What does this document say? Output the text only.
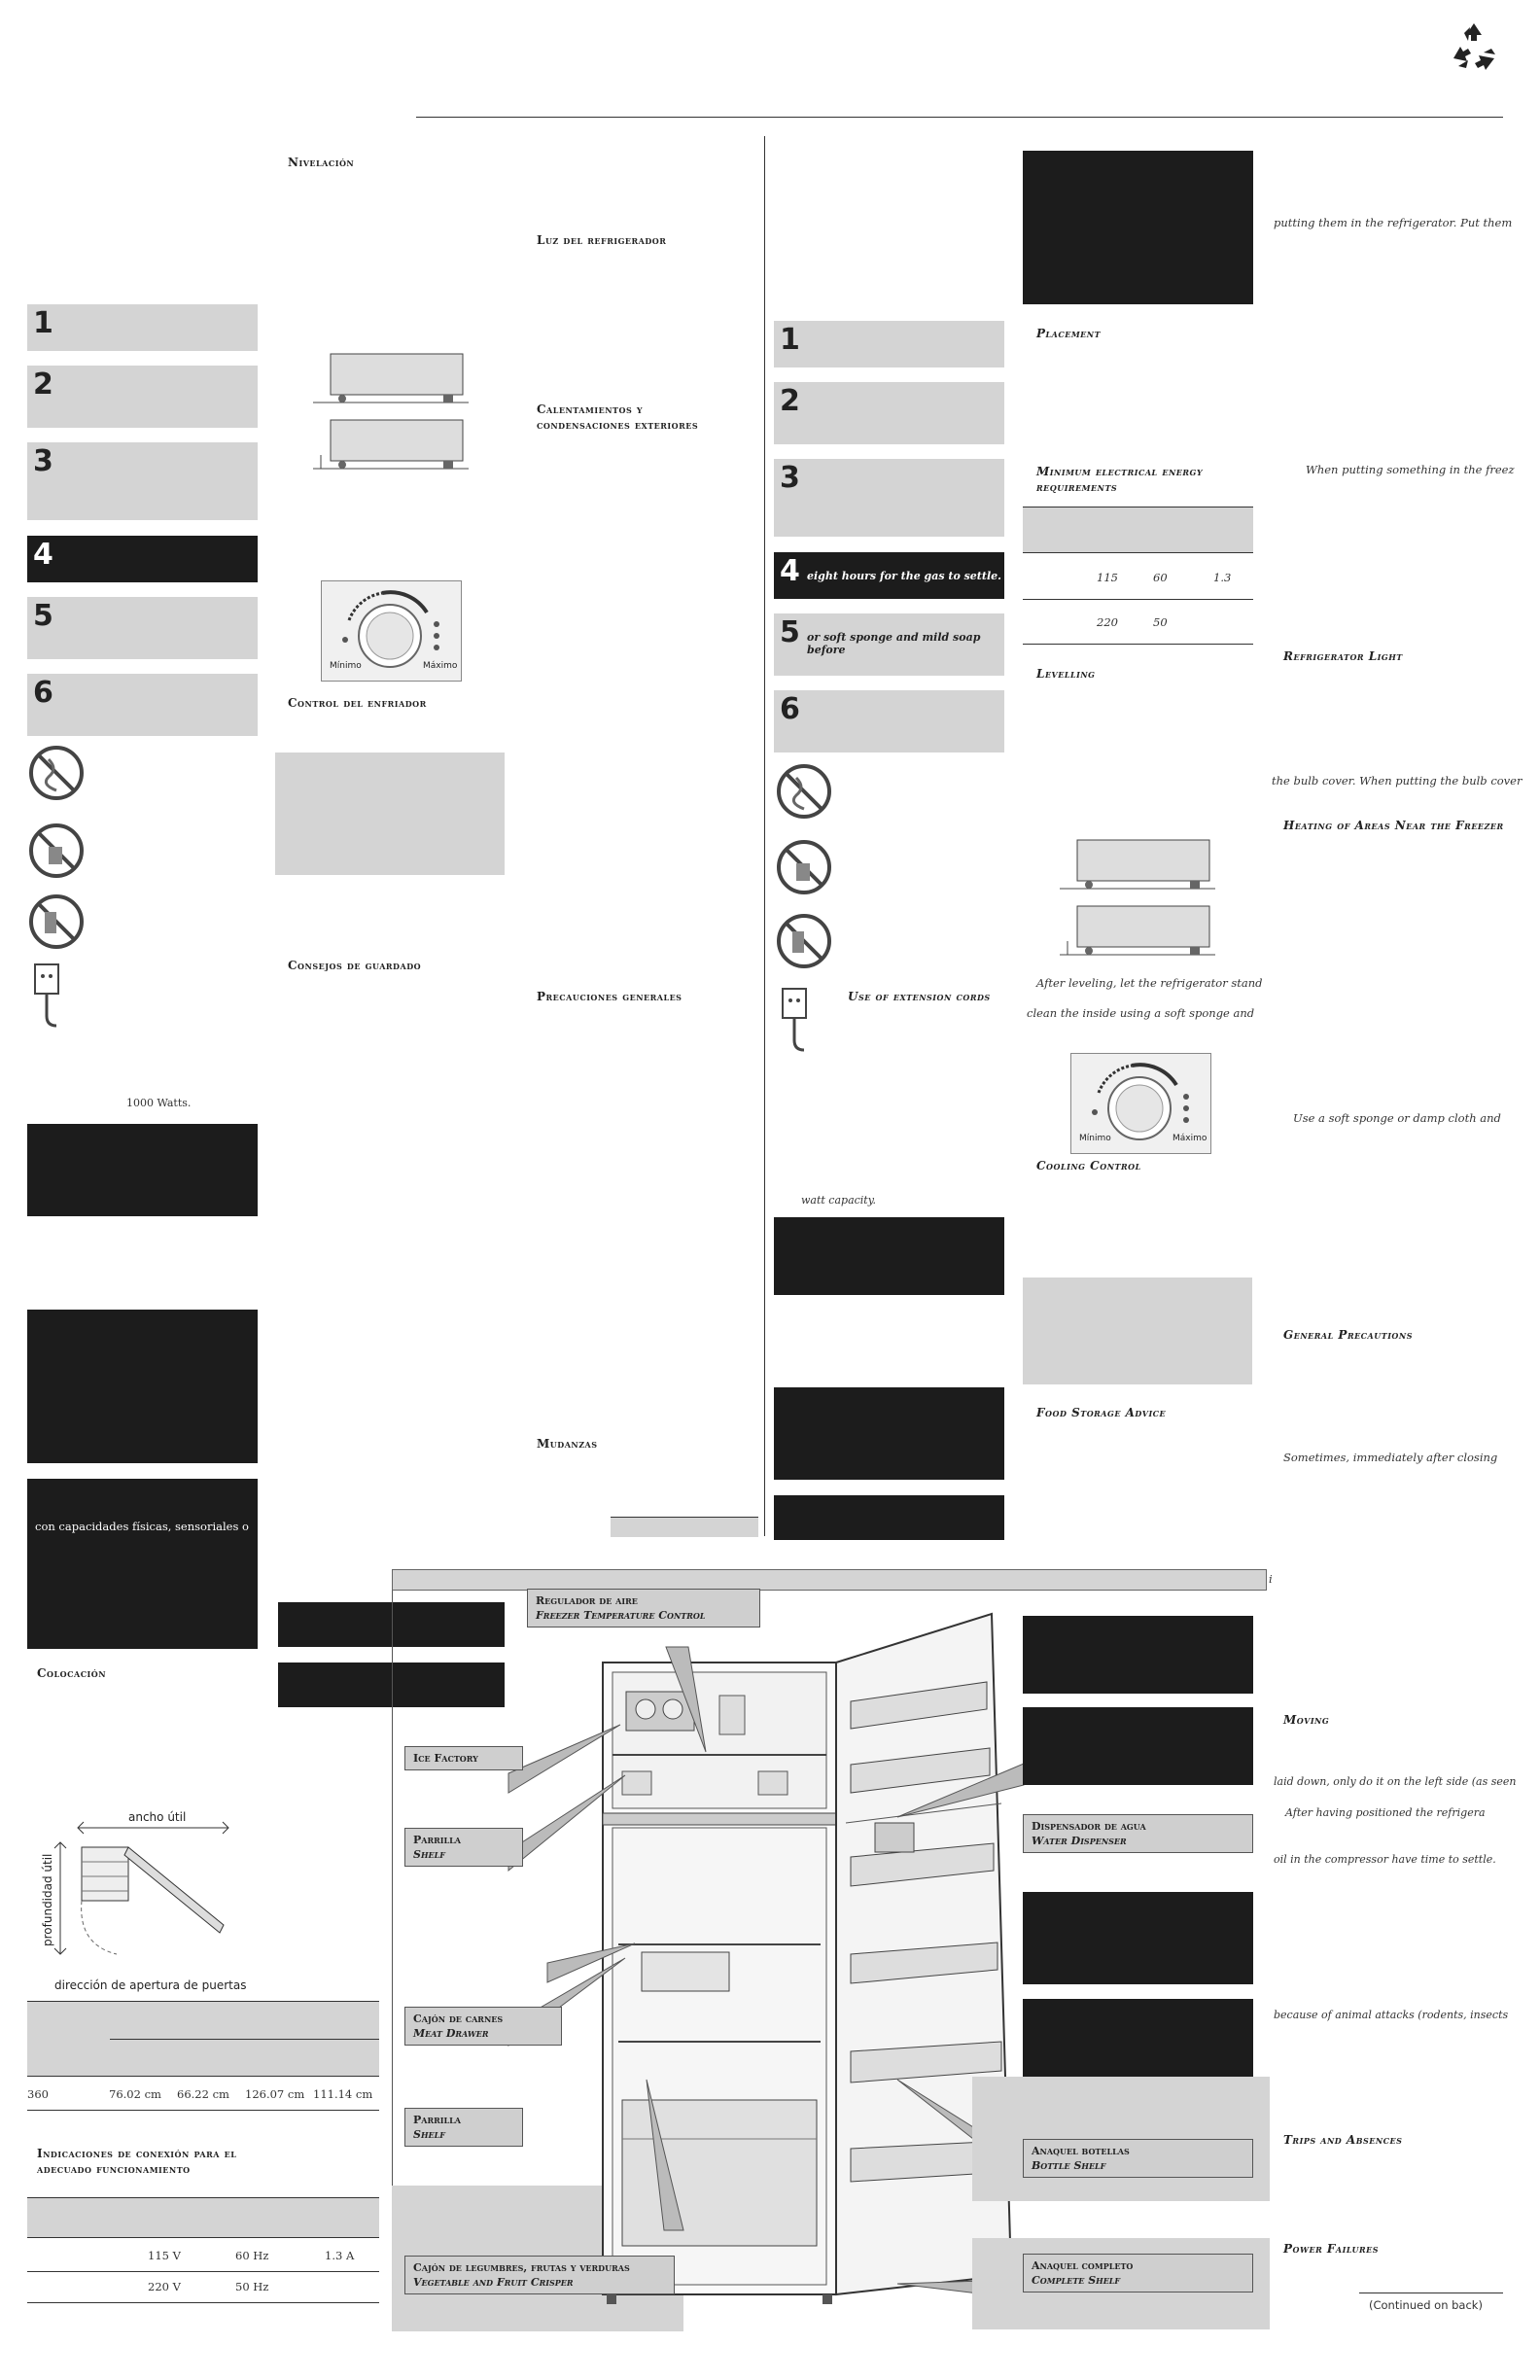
1
2
3
4
5
6
1000 Watts.
con capacidades físicas, sensoriales o
Colocación
ancho útil
profundidad útil
dirección de apertura de puertas
360	76.02 cm 66.22 cm 126.07 cm 111.14 cm
Indicaciones de conexión para el
adecuado funcionamiento
115 V	60 Hz	1.3 A
220 V	50 Hz
Nivelación
Mínimo	Máximo
Control del enfriador
Consejos de guardado
Luz del refrigerador
Calentamientos y
condensaciones exteriores
Precauciones generales
Mudanzas
1
2
3
4 eight hours for the gas to settle.
5 or soft sponge and mild soap before
6
Use of extension cords
watt capacity.
putting them in the refrigerator. Put them
Placement
Minimum electrical energy
requirements
115	60	1.3
220	50
Levelling
After leveling, let the refrigerator stand
clean the inside using a soft sponge and
Mínimo	Máximo
Cooling Control
Food Storage Advice
When putting something in the freez
Refrigerator Light
the bulb cover. When putting the bulb cover
Heating of Areas Near the Freezer
Use a soft sponge or damp cloth and
General Precautions
Sometimes, immediately after closing
i
Regulador de aire
Freezer Temperature Control
Ice Factory
Parrilla
Shelf
Cajón de carnes
Meat Drawer
Parrilla
Shelf
Cajón de legumbres, frutas y verduras
Vegetable and Fruit Crisper
Dispensador de agua
Water Dispenser
Anaquel botellas
Bottle Shelf
Anaquel completo
Complete Shelf
Moving
laid down, only do it on the left side (as seen
After having positioned the refrigera
oil in the compressor have time to settle.
because of animal attacks (rodents, insects
Trips and Absences
Power Failures
(Continued on back)
